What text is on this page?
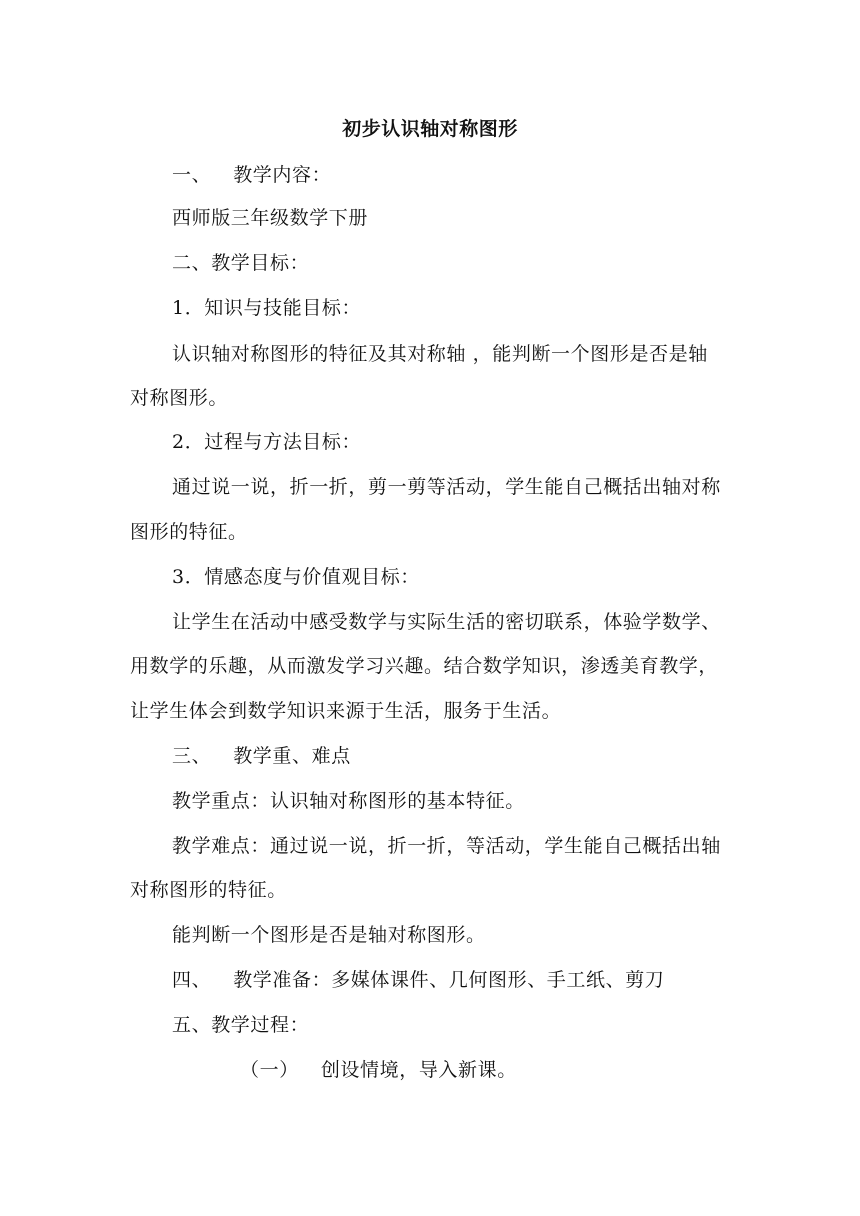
初步认识轴对称图形
一、 教学内容：
西师版三年级数学下册
二、教学目标：
1．知识与技能目标：
认识轴对称图形的特征及其对称轴 ，能判断一个图形是否是轴
对称图形。
2．过程与方法目标：
通过说一说，折一折，剪一剪等活动，学生能自己概括出轴对称
图形的特征。
3．情感态度与价值观目标：
让学生在活动中感受数学与实际生活的密切联系，体验学数学、
用数学的乐趣，从而激发学习兴趣。结合数学知识，渗透美育教学，
让学生体会到数学知识来源于生活，服务于生活。
三、 教学重、难点
教学重点：认识轴对称图形的基本特征。
教学难点：通过说一说，折一折，等活动，学生能自己概括出轴
对称图形的特征。
能判断一个图形是否是轴对称图形。
四、 教学准备：多媒体课件、几何图形、手工纸、剪刀
五、教学过程：
（一） 创设情境，导入新课。
